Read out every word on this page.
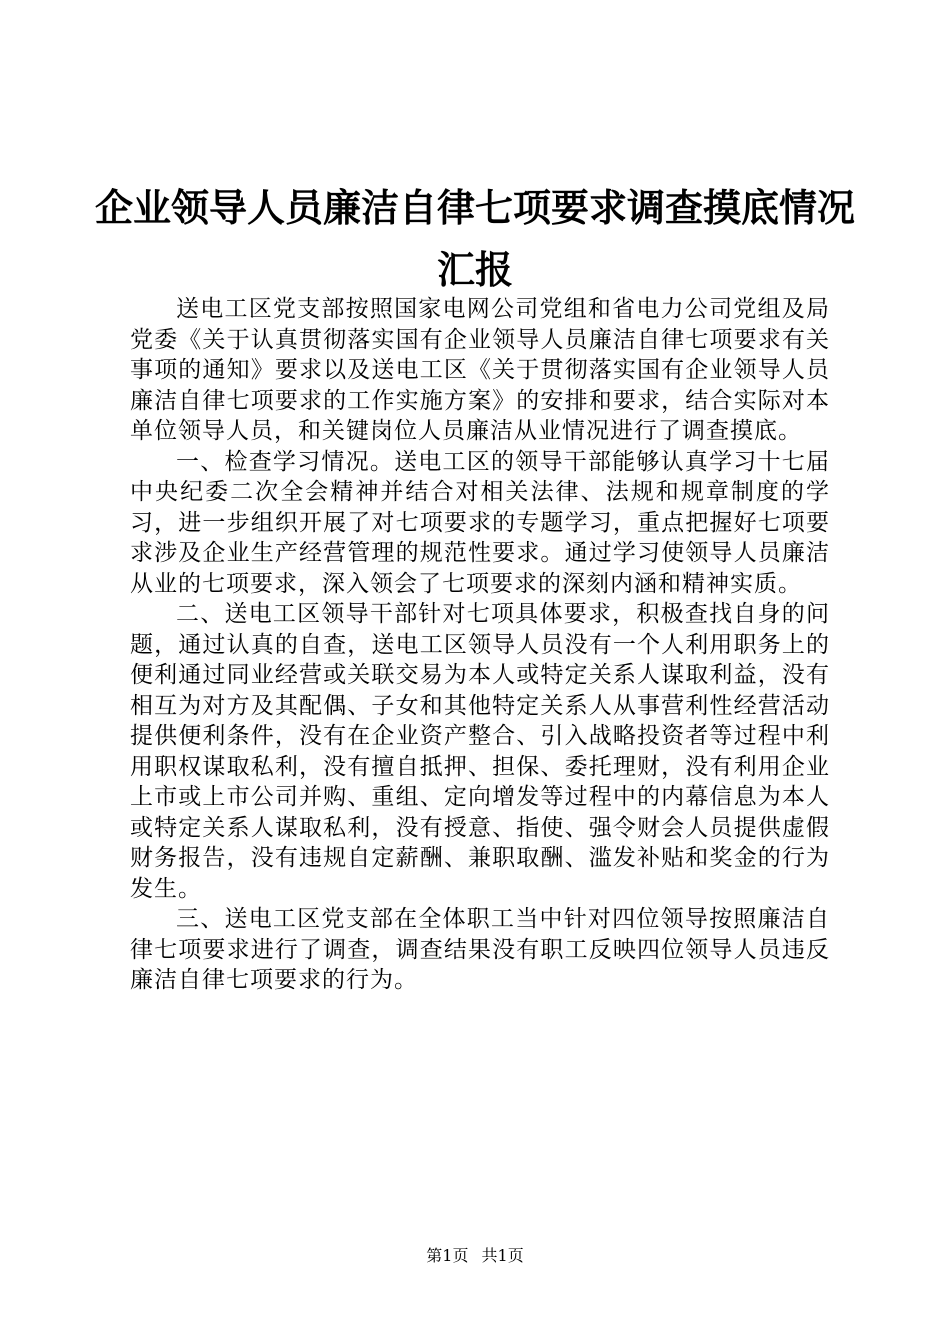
企业领导人员廉洁自律七项要求调查摸底情况
汇报

送电工区党支部按照国家电网公司党组和省电力公司党组及局党委《关于认真贯彻落实国有企业领导人员廉洁自律七项要求有关事项的通知》要求以及送电工区《关于贯彻落实国有企业领导人员廉洁自律七项要求的工作实施方案》的安排和要求，结合实际对本单位领导人员，和关键岗位人员廉洁从业情况进行了调查摸底。

一、检查学习情况。送电工区的领导干部能够认真学习十七届中央纪委二次全会精神并结合对相关法律、法规和规章制度的学习，进一步组织开展了对七项要求的专题学习，重点把握好七项要求涉及企业生产经营管理的规范性要求。通过学习使领导人员廉洁从业的七项要求，深入领会了七项要求的深刻内涵和精神实质。

二、送电工区领导干部针对七项具体要求，积极查找自身的问题，通过认真的自查，送电工区领导人员没有一个人利用职务上的便利通过同业经营或关联交易为本人或特定关系人谋取利益，没有相互为对方及其配偶、子女和其他特定关系人从事营利性经营活动提供便利条件，没有在企业资产整合、引入战略投资者等过程中利用职权谋取私利，没有擅自抵押、担保、委托理财，没有利用企业上市或上市公司并购、重组、定向增发等过程中的内幕信息为本人或特定关系人谋取私利，没有授意、指使、强令财会人员提供虚假财务报告，没有违规自定薪酬、兼职取酬、滥发补贴和奖金的行为发生。

三、送电工区党支部在全体职工当中针对四位领导按照廉洁自律七项要求进行了调查，调查结果没有职工反映四位领导人员违反廉洁自律七项要求的行为。

第1页 共1页
